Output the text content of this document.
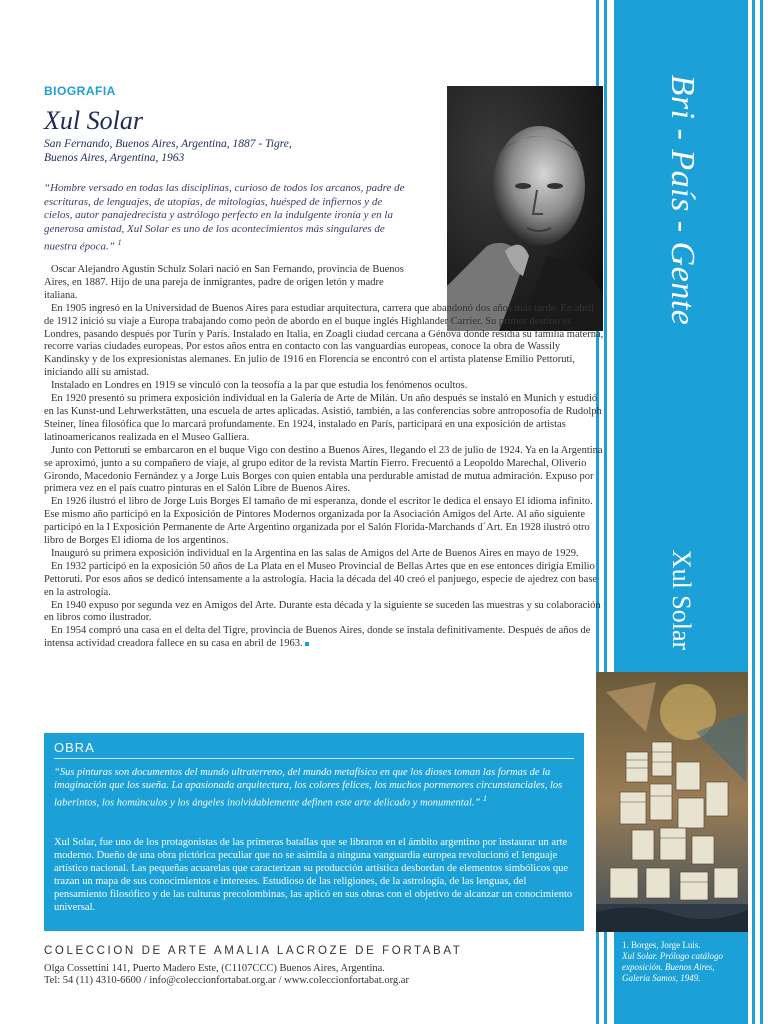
Bri - País - Gente
Xul Solar
1. Borges, Jorge Luis.
Xul Solar. Prólogo catálogo exposición. Buenos Aires, Galería Samos, 1949.
BIOGRAFIA
Xul Solar
San Fernando, Buenos Aires, Argentina, 1887 - Tigre, Buenos Aires, Argentina, 1963
“Hombre versado en todas las disciplinas, curioso de todos los arcanos, padre de escrituras, de lenguajes, de utopías, de mitologías, huésped de infiernos y de cielos, autor panajedrecista y astrólogo perfecto en la indulgente ironía y en la generosa amistad, Xul Solar es uno de los acontecimientos más singulares de nuestra época.” $^1$

Oscar Alejandro Agustín Schulz Solari nació en San Fernando, provincia de Buenos Aires, en 1887. Hijo de una pareja de inmigrantes, padre de origen letón y madre italiana.

En 1905 ingresó en la Universidad de Buenos Aires para estudiar arquitectura, carrera que abandonó dos años más tarde. En abril de 1912 inició su viaje a Europa trabajando como peón de abordo en el buque inglés Highlander Carrier. Su primer destino es Londres, pasando después por Turín y París. Instalado en Italia, en Zoagli ciudad cercana a Génova donde residía su familia materna, recorre varias ciudades europeas. Por estos años entra en contacto con las vanguardias europeas, conoce la obra de Wassily Kandinsky y de los expresionistas alemanes. En julio de 1916 en Florencia se encontró con el artista platense Emilio Pettoruti, iniciando allí su amistad.

Instalado en Londres en 1919 se vinculó con la teosofía a la par que estudia los fenómenos ocultos.

En 1920 presentó su primera exposición individual en la Galería de Arte de Milán. Un año después se instaló en Munich y estudió en las Kunst-und Lehrwerkstätten, una escuela de artes aplicadas. Asistió, también, a las conferencias sobre antroposofía de Rudolph Steiner, línea filosófica que lo marcará profundamente. En 1924, instalado en París, participará en una exposición de artistas latinoamericanos realizada en el Museo Galliera.

Junto con Pettoruti se embarcaron en el buque Vigo con destino a Buenos Aires, llegando el 23 de julio de 1924. Ya en la Argentina se aproximó, junto a su compañero de viaje, al grupo editor de la revista Martín Fierro. Frecuentó a Leopoldo Marechal, Oliverio Girondo, Macedonio Fernández y a Jorge Luis Borges con quien entabla una perdurable amistad de mutua admiración. Expuso por primera vez en el país cuatro pinturas en el Salón Libre de Buenos Aires.

En 1926 ilustró el libro de Jorge Luis Borges El tamaño de mi esperanza, donde el escritor le dedica el ensayo El idioma infinito. Ese mismo año participó en la Exposición de Pintores Modernos organizada por la Asociación Amigos del Arte. Al año siguiente participó en la I Exposición Permanente de Arte Argentino organizada por el Salón Florida-Marchands d´Art. En 1928 ilustró otro libro de Borges El idioma de los argentinos.

Inauguró su primera exposición individual en la Argentina en las salas de Amigos del Arte de Buenos Aires en mayo de 1929.

En 1932 participó en la exposición 50 años de La Plata en el Museo Provincial de Bellas Artes que en ese entonces dirigía Emilio Pettoruti. Por esos años se dedicó intensamente a la astrología. Hacia la década del 40 creó el panjuego, especie de ajedrez con base en la astrología.

En 1940 expuso por segunda vez en Amigos del Arte. Durante esta década y la siguiente se suceden las muestras y su colaboración en libros como ilustrador.

En 1954 compró una casa en el delta del Tigre, provincia de Buenos Aires, donde se instala definitivamente. Después de años de intensa actividad creadora fallece en su casa en abril de 1963.

OBRA
“Sus pinturas son documentos del mundo ultraterreno, del mundo metafísico en que los dioses toman las formas de la imaginación que los sueña. La apasionada arquitectura, los colores felices, los muchos pormenores circunstanciales, los laberintos, los homúnculos y los ángeles inolvidablemente definen este arte delicado y monumental.” $^1$
Xul Solar, fue uno de los protagonistas de las primeras batallas que se libraron en el ámbito argentino por instaurar un arte moderno. Dueño de una obra pictórica peculiar que no se asimila a ninguna vanguardia europea revolucionó el lenguaje artístico nacional. Las pequeñas acuarelas que caracterizan su producción artística desbordan de elementos simbólicos que trazan un mapa de sus conocimientos e intereses. Estudioso de las religiones, de la astrología, de las lenguas, del pensamiento filosófico y de las culturas precolombinas, las aplicó en sus obras con el objetivo de alcanzar un conocimiento universal.
COLECCION DE ARTE AMALIA LACROZE DE FORTABAT
Olga Cossettini 141, Puerto Madero Este, (C1107CCC) Buenos Aires, Argentina.
Tel: 54 (11) 4310-6600 / info@coleccionfortabat.org.ar / www.coleccionfortabat.org.ar
